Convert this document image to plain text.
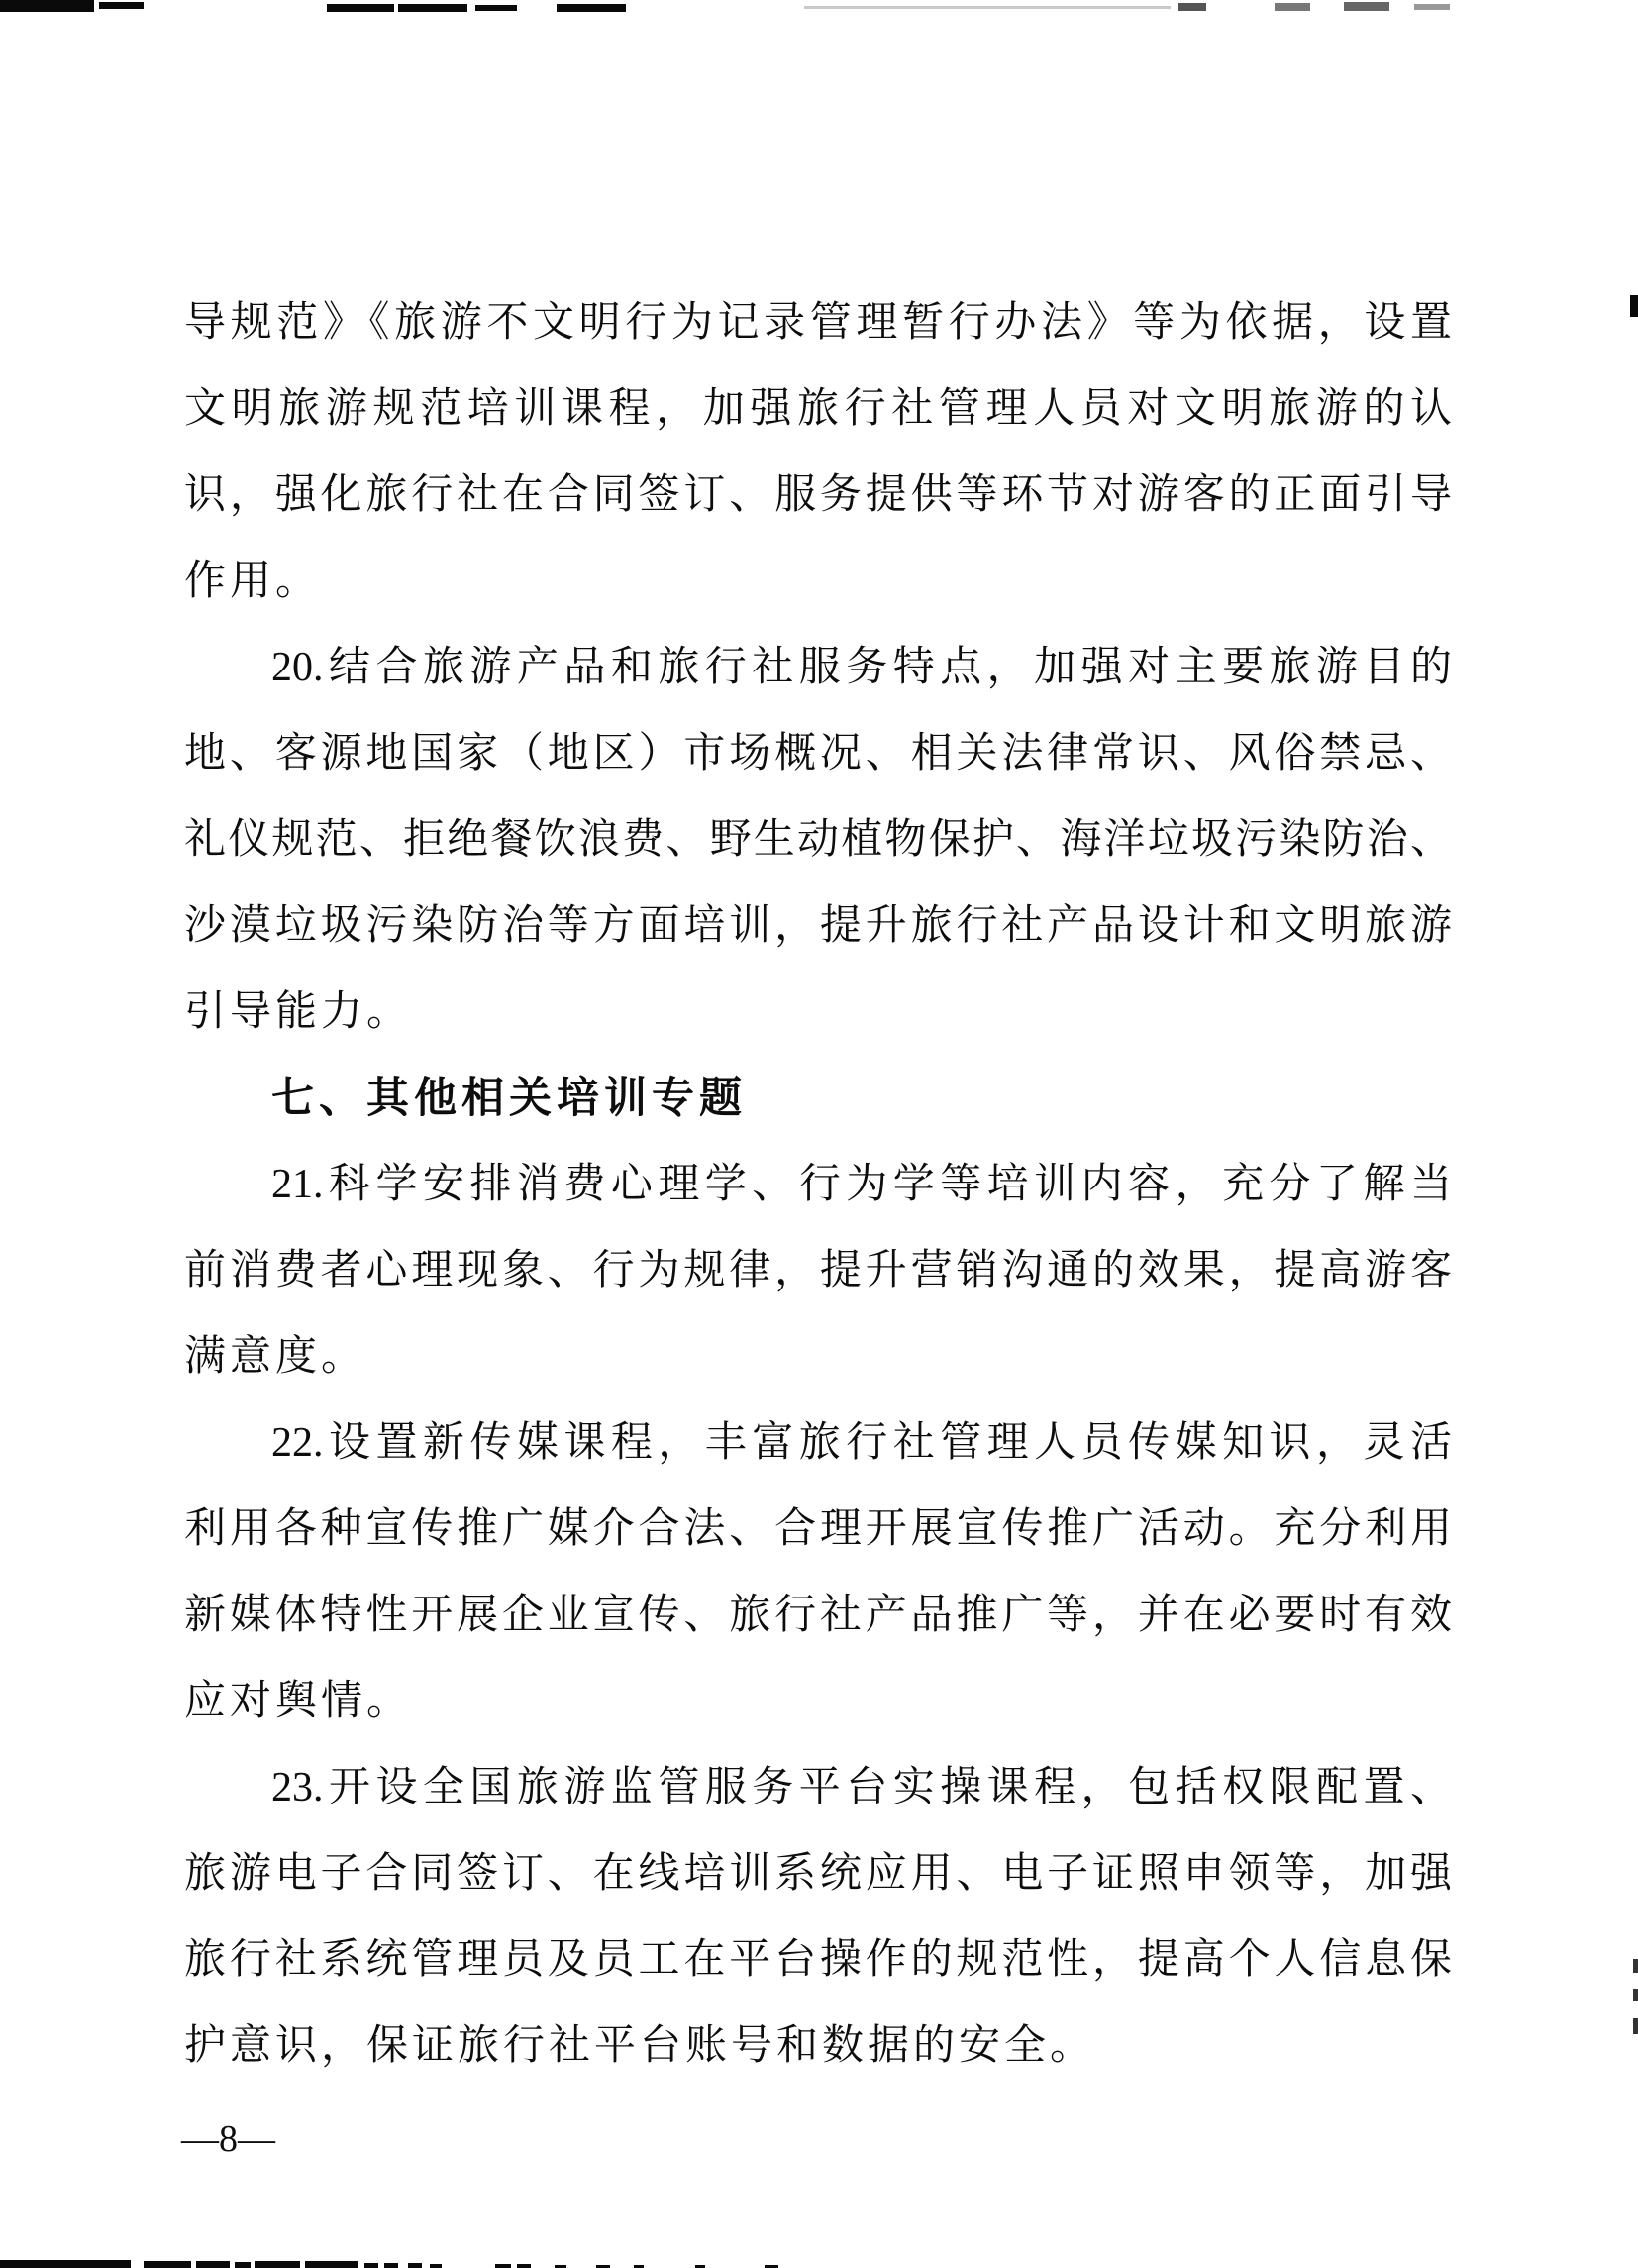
导规范》《旅游不文明行为记录管理暂行办法》等为依据，设置
文明旅游规范培训课程，加强旅行社管理人员对文明旅游的认
识，强化旅行社在合同签订、服务提供等环节对游客的正面引导
作用。
20.结合旅游产品和旅行社服务特点，加强对主要旅游目的
地、客源地国家（地区）市场概况、相关法律常识、风俗禁忌、
礼仪规范、拒绝餐饮浪费、野生动植物保护、海洋垃圾污染防治、
沙漠垃圾污染防治等方面培训，提升旅行社产品设计和文明旅游
引导能力。
七、其他相关培训专题
21.科学安排消费心理学、行为学等培训内容，充分了解当
前消费者心理现象、行为规律，提升营销沟通的效果，提高游客
满意度。
22.设置新传媒课程，丰富旅行社管理人员传媒知识，灵活
利用各种宣传推广媒介合法、合理开展宣传推广活动。充分利用
新媒体特性开展企业宣传、旅行社产品推广等，并在必要时有效
应对舆情。
23.开设全国旅游监管服务平台实操课程，包括权限配置、
旅游电子合同签订、在线培训系统应用、电子证照申领等，加强
旅行社系统管理员及员工在平台操作的规范性，提高个人信息保
护意识，保证旅行社平台账号和数据的安全。
—8—
